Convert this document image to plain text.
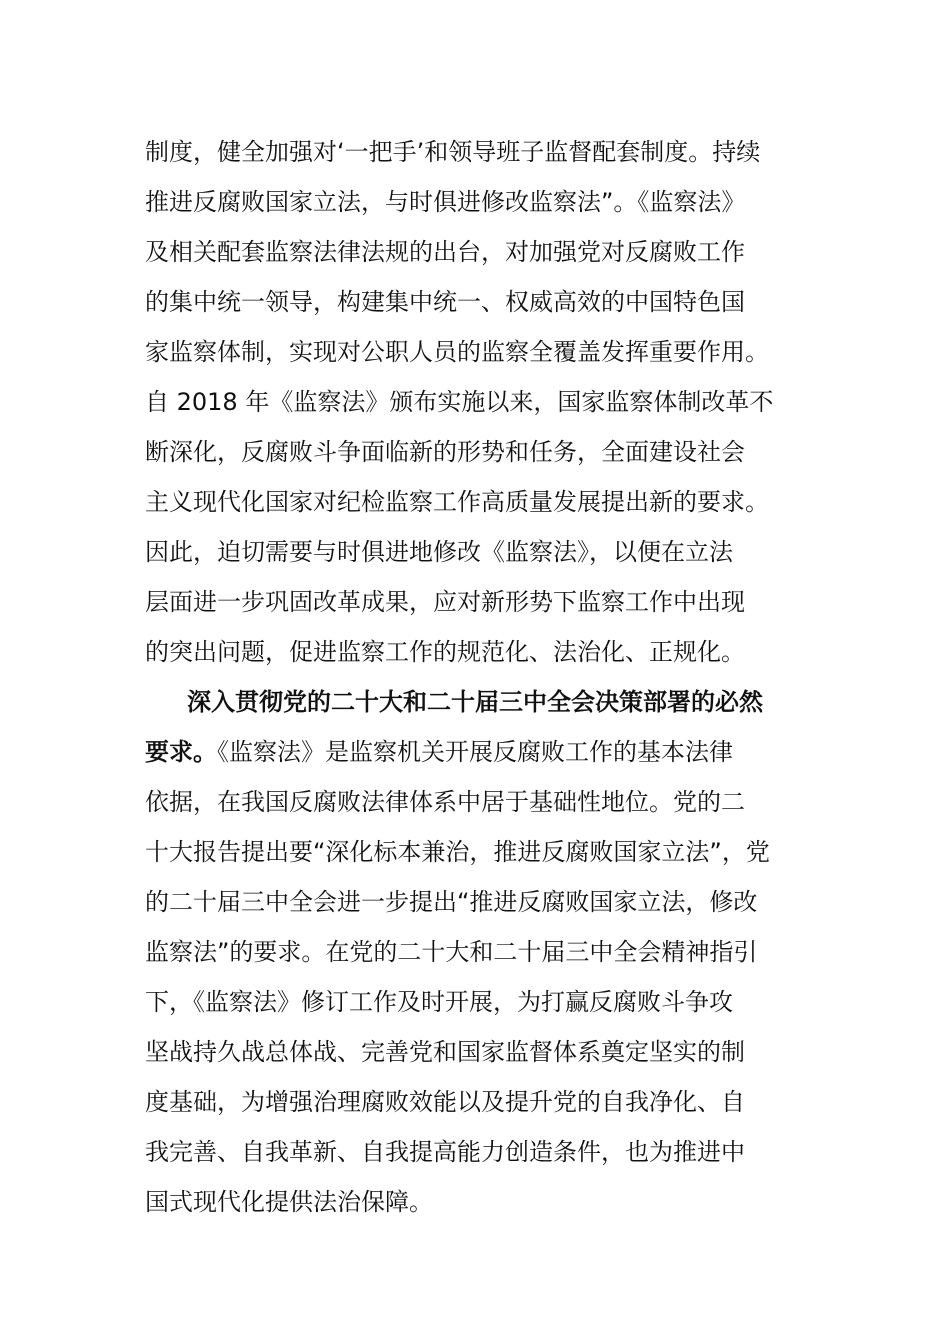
制度，健全加强对‘一把手’和领导班子监督配套制度。持续
推进反腐败国家立法，与时俱进修改监察法”。《监察法》
及相关配套监察法律法规的出台，对加强党对反腐败工作
的集中统一领导，构建集中统一、权威高效的中国特色国
家监察体制，实现对公职人员的监察全覆盖发挥重要作用。
自 2018 年《监察法》颁布实施以来，国家监察体制改革不
断深化，反腐败斗争面临新的形势和任务，全面建设社会
主义现代化国家对纪检监察工作高质量发展提出新的要求。
因此，迫切需要与时俱进地修改《监察法》，以便在立法
层面进一步巩固改革成果，应对新形势下监察工作中出现
的突出问题，促进监察工作的规范化、法治化、正规化。
深入贯彻党的二十大和二十届三中全会决策部署的必然
要求。《监察法》是监察机关开展反腐败工作的基本法律
依据，在我国反腐败法律体系中居于基础性地位。党的二
十大报告提出要“深化标本兼治，推进反腐败国家立法”，党
的二十届三中全会进一步提出“推进反腐败国家立法，修改
监察法”的要求。在党的二十大和二十届三中全会精神指引
下，《监察法》修订工作及时开展，为打赢反腐败斗争攻
坚战持久战总体战、完善党和国家监督体系奠定坚实的制
度基础，为增强治理腐败效能以及提升党的自我净化、自
我完善、自我革新、自我提高能力创造条件，也为推进中
国式现代化提供法治保障。
